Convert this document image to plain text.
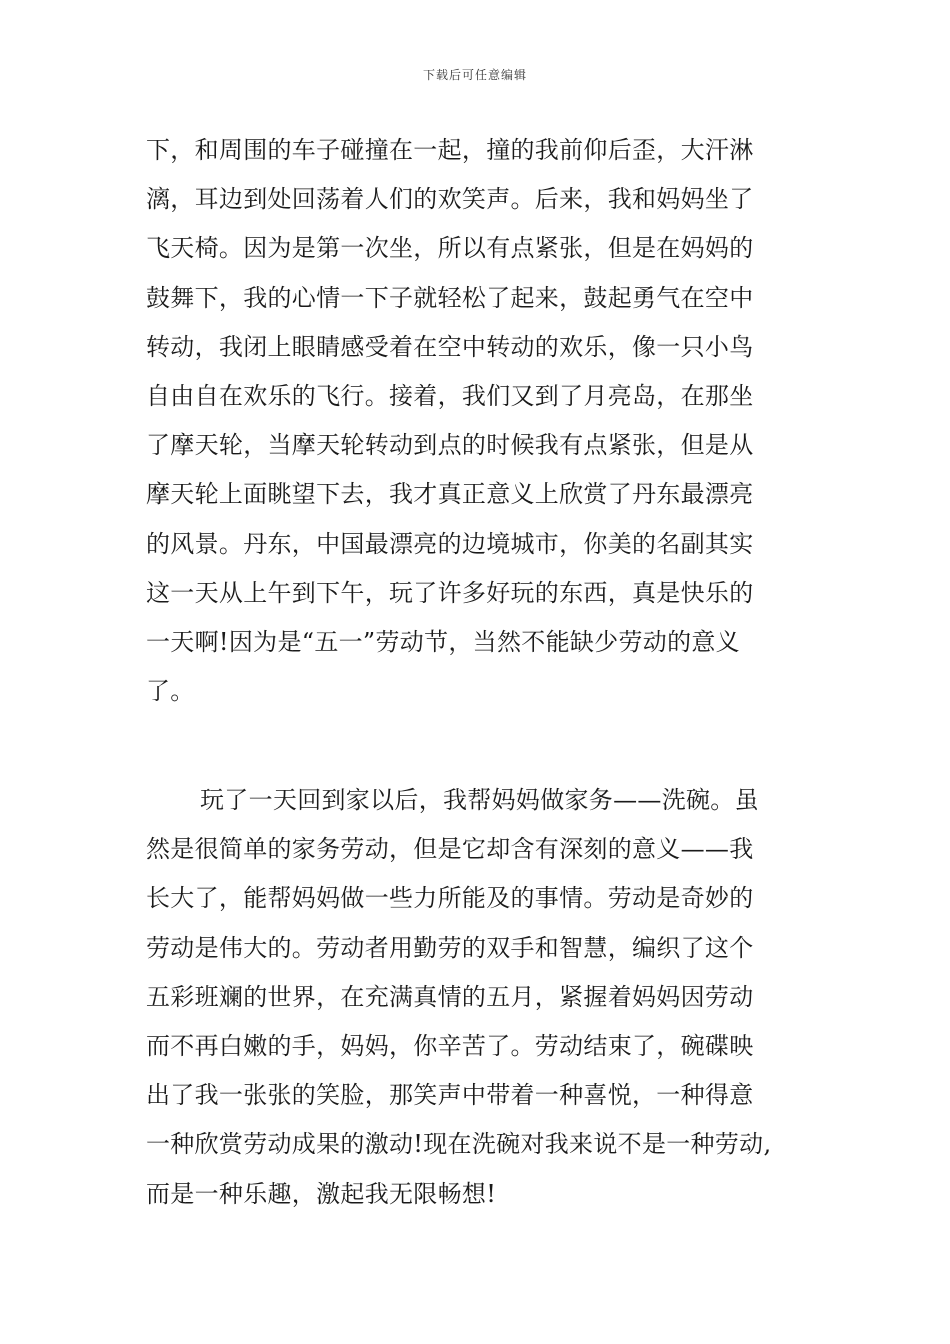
下载后可任意编辑
下，和周围的车子碰撞在一起，撞的我前仰后歪，大汗淋
漓，耳边到处回荡着人们的欢笑声。后来，我和妈妈坐了
飞天椅。因为是第一次坐，所以有点紧张，但是在妈妈的
鼓舞下，我的心情一下子就轻松了起来，鼓起勇气在空中
转动，我闭上眼睛感受着在空中转动的欢乐，像一只小鸟
自由自在欢乐的飞行。接着，我们又到了月亮岛，在那坐
了摩天轮，当摩天轮转动到点的时候我有点紧张，但是从
摩天轮上面眺望下去，我才真正意义上欣赏了丹东最漂亮
的风景。丹东，中国最漂亮的边境城市，你美的名副其实
这一天从上午到下午，玩了许多好玩的东西，真是快乐的
一天啊!因为是“五一”劳动节，当然不能缺少劳动的意义
了。
玩了一天回到家以后，我帮妈妈做家务——洗碗。虽
然是很简单的家务劳动，但是它却含有深刻的意义——我
长大了，能帮妈妈做一些力所能及的事情。劳动是奇妙的
劳动是伟大的。劳动者用勤劳的双手和智慧，编织了这个
五彩班斓的世界，在充满真情的五月，紧握着妈妈因劳动
而不再白嫩的手，妈妈，你辛苦了。劳动结束了，碗碟映
出了我一张张的笑脸，那笑声中带着一种喜悦，一种得意
一种欣赏劳动成果的激动!现在洗碗对我来说不是一种劳动,
而是一种乐趣，激起我无限畅想!
